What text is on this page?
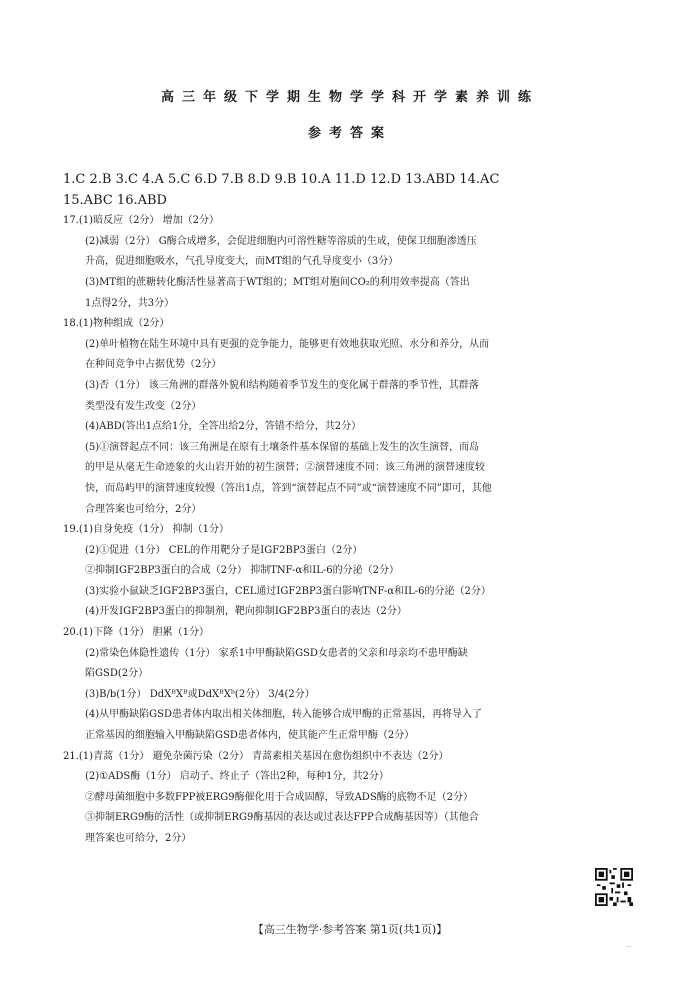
高三年级下学期生物学学科开学素养训练
参考答案
1.C 2.B 3.C 4.A 5.C 6.D 7.B 8.D 9.B 10.A 11.D 12.D 13.ABD 14.AC
15.ABC 16.ABD
17.(1)暗反应（2分） 增加（2分）
(2)减弱（2分） G酶合成增多，会促进细胞内可溶性糖等溶质的生成，使保卫细胞渗透压
升高，促进细胞吸水，气孔导度变大，而MT组的气孔导度变小（3分）
(3)MT组的蔗糖转化酶活性显著高于WT组的；MT组对胞间CO₂的利用效率提高（答出
1点得2分，共3分）
18.(1)物种组成（2分）
(2)单叶植物在陆生环境中具有更强的竞争能力，能够更有效地获取光照、水分和养分，从而
在种间竞争中占据优势（2分）
(3)否（1分） 该三角洲的群落外貌和结构随着季节发生的变化属于群落的季节性，其群落
类型没有发生改变（2分）
(4)ABD(答出1点给1分，全答出给2分，答错不给分，共2分）
(5)①演替起点不同：该三角洲是在原有土壤条件基本保留的基础上发生的次生演替，而岛
的甲是从毫无生命迹象的火山岩开始的初生演替；②演替速度不同：该三角洲的演替速度较
快，而岛屿甲的演替速度较慢（答出1点，答到“演替起点不同”或“演替速度不同”即可，其他
合理答案也可给分，2分）
19.(1)自身免疫（1分） 抑制（1分）
(2)①促进（1分） CEL的作用靶分子是IGF2BP3蛋白（2分）
②抑制IGF2BP3蛋白的合成（2分） 抑制TNF-α和IL-6的分泌（2分）
(3)实验小鼠缺乏IGF2BP3蛋白，CEL通过IGF2BP3蛋白影响TNF-α和IL-6的分泌（2分）
(4)开发IGF2BP3蛋白的抑制剂，靶向抑制IGF2BP3蛋白的表达（2分）
20.(1)下降（1分） 胆累（1分）
(2)常染色体隐性遗传（1分） 家系1中甲酶缺陷GSD女患者的父亲和母亲均不患甲酶缺
陷GSD(2分）
(3)B/b(1分） DdXᴮXᴮ或DdXᴮXᵇ(2分） 3/4(2分）
(4)从甲酶缺陷GSD患者体内取出相关体细胞，转入能够合成甲酶的正常基因，再将导入了
正常基因的细胞输入甲酶缺陷GSD患者体内，使其能产生正常甲酶（2分）
21.(1)青蒿（1分） 避免杂菌污染（2分） 青蒿素相关基因在愈伤组织中不表达（2分）
(2)①ADS酶（1分） 启动子、终止子（答出2种，每种1分，共2分）
②酵母菌细胞中多数FPP被ERG9酶催化用于合成固醇，导致ADS酶的底物不足（2分）
③抑制ERG9酶的活性（或抑制ERG9酶基因的表达或过表达FPP合成酶基因等）（其他合
理答案也可给分，2分）
【高三生物学·参考答案 第1页(共1页)】
...
